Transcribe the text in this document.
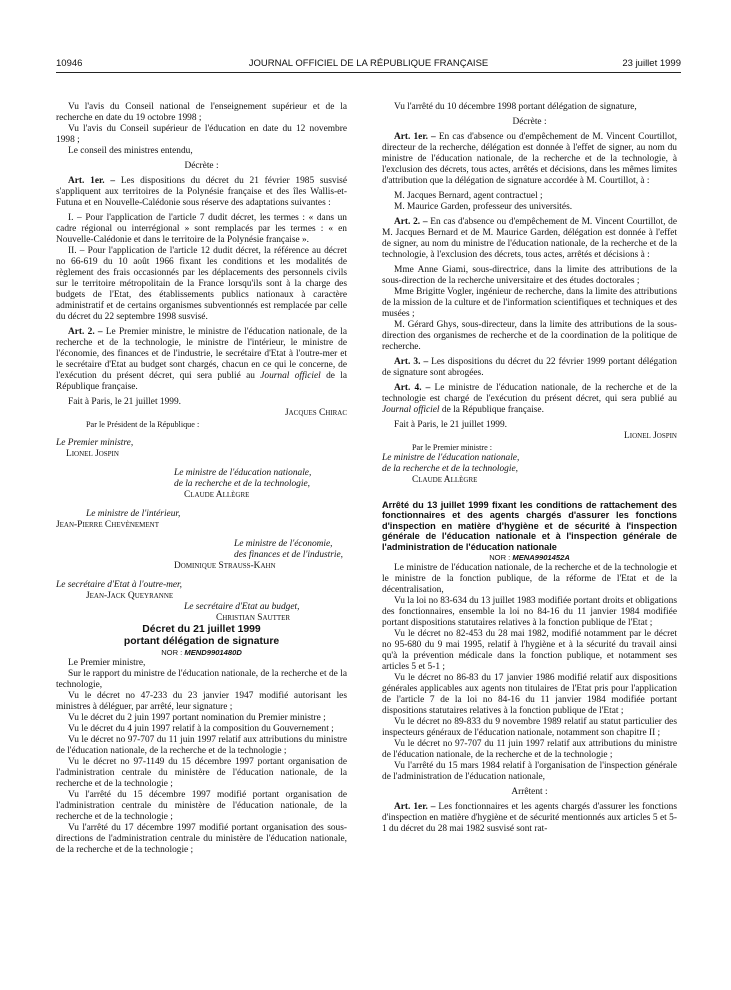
10946	JOURNAL OFFICIEL DE LA RÉPUBLIQUE FRANÇAISE	23 juillet 1999

Vu l'avis du Conseil national de l'enseignement supérieur et de la recherche en date du 19 octobre 1998 ;

Vu l'avis du Conseil supérieur de l'éducation en date du 12 novembre 1998 ;

Le conseil des ministres entendu,

Décrète :

Art. 1er. – Les dispositions du décret du 21 février 1985 susvisé s'appliquent aux territoires de la Polynésie française et des îles Wallis-et-Futuna et en Nouvelle-Calédonie sous réserve des adaptations suivantes :

I. – Pour l'application de l'article 7 dudit décret, les termes : « dans un cadre régional ou interrégional » sont remplacés par les termes : « en Nouvelle-Calédonie et dans le territoire de la Polynésie française ».

II. – Pour l'application de l'article 12 dudit décret, la référence au décret no 66-619 du 10 août 1966 fixant les conditions et les modalités de règlement des frais occasionnés par les déplacements des personnels civils sur le territoire métropolitain de la France lorsqu'ils sont à la charge des budgets de l'Etat, des établissements publics nationaux à caractère administratif et de certains organismes subventionnés est remplacée par celle du décret du 22 septembre 1998 susvisé.

Art. 2. – Le Premier ministre, le ministre de l'éducation nationale, de la recherche et de la technologie, le ministre de l'intérieur, le ministre de l'économie, des finances et de l'industrie, le secrétaire d'Etat à l'outre-mer et le secrétaire d'Etat au budget sont chargés, chacun en ce qui le concerne, de l'exécution du présent décret, qui sera publié au Journal officiel de la République française.

Fait à Paris, le 21 juillet 1999.

Jacques Chirac

Par le Président de la République :

Le Premier ministre,

Lionel Jospin

Le ministre de l'éducation nationale,

de la recherche et de la technologie,

Claude Allègre

Le ministre de l'intérieur,

Jean-Pierre Chevènement

Le ministre de l'économie,

des finances et de l'industrie,

Dominique Strauss-Kahn

Le secrétaire d'Etat à l'outre-mer,

Jean-Jack Queyranne

Le secrétaire d'Etat au budget,

Christian Sautter

Décret du 21 juillet 1999

portant délégation de signature

NOR : MEND9901480D

Le Premier ministre,

Sur le rapport du ministre de l'éducation nationale, de la recherche et de la technologie,

Vu le décret no 47-233 du 23 janvier 1947 modifié autorisant les ministres à déléguer, par arrêté, leur signature ;

Vu le décret du 2 juin 1997 portant nomination du Premier ministre ;

Vu le décret du 4 juin 1997 relatif à la composition du Gouvernement ;

Vu le décret no 97-707 du 11 juin 1997 relatif aux attributions du ministre de l'éducation nationale, de la recherche et de la technologie ;

Vu le décret no 97-1149 du 15 décembre 1997 portant organisation de l'administration centrale du ministère de l'éducation nationale, de la recherche et de la technologie ;

Vu l'arrêté du 15 décembre 1997 modifié portant organisation de l'administration centrale du ministère de l'éducation nationale, de la recherche et de la technologie ;

Vu l'arrêté du 17 décembre 1997 modifié portant organisation des sous-directions de l'administration centrale du ministère de l'éducation nationale, de la recherche et de la technologie ;

Vu l'arrêté du 10 décembre 1998 portant délégation de signature,

Décrète :

Art. 1er. – En cas d'absence ou d'empêchement de M. Vincent Courtillot, directeur de la recherche, délégation est donnée à l'effet de signer, au nom du ministre de l'éducation nationale, de la recherche et de la technologie, à l'exclusion des décrets, tous actes, arrêtés et décisions, dans les mêmes limites d'attribution que la délégation de signature accordée à M. Courtillot, à :

M. Jacques Bernard, agent contractuel ;

M. Maurice Garden, professeur des universités.

Art. 2. – En cas d'absence ou d'empêchement de M. Vincent Courtillot, de M. Jacques Bernard et de M. Maurice Garden, délégation est donnée à l'effet de signer, au nom du ministre de l'éducation nationale, de la recherche et de la technologie, à l'exclusion des décrets, tous actes, arrêtés et décisions à :

Mme Anne Giami, sous-directrice, dans la limite des attributions de la sous-direction de la recherche universitaire et des études doctorales ;

Mme Brigitte Vogler, ingénieur de recherche, dans la limite des attributions de la mission de la culture et de l'information scientifiques et techniques et des musées ;

M. Gérard Ghys, sous-directeur, dans la limite des attributions de la sous-direction des organismes de recherche et de la coordination de la politique de recherche.

Art. 3. – Les dispositions du décret du 22 février 1999 portant délégation de signature sont abrogées.

Art. 4. – Le ministre de l'éducation nationale, de la recherche et de la technologie est chargé de l'exécution du présent décret, qui sera publié au Journal officiel de la République française.

Fait à Paris, le 21 juillet 1999.

Lionel Jospin

Par le Premier ministre :

Le ministre de l'éducation nationale,

de la recherche et de la technologie,

Claude Allègre

Arrêté du 13 juillet 1999 fixant les conditions de rattachement des fonctionnaires et des agents chargés d'assurer les fonctions d'inspection en matière d'hygiène et de sécurité à l'inspection générale de l'éducation nationale et à l'inspection générale de l'administration de l'éducation nationale

NOR : MENA9901452A

Le ministre de l'éducation nationale, de la recherche et de la technologie et le ministre de la fonction publique, de la réforme de l'Etat et de la décentralisation,

Vu la loi no 83-634 du 13 juillet 1983 modifiée portant droits et obligations des fonctionnaires, ensemble la loi no 84-16 du 11 janvier 1984 modifiée portant dispositions statutaires relatives à la fonction publique de l'Etat ;

Vu le décret no 82-453 du 28 mai 1982, modifié notamment par le décret no 95-680 du 9 mai 1995, relatif à l'hygiène et à la sécurité du travail ainsi qu'à la prévention médicale dans la fonction publique, et notamment ses articles 5 et 5-1 ;

Vu le décret no 86-83 du 17 janvier 1986 modifié relatif aux dispositions générales applicables aux agents non titulaires de l'Etat pris pour l'application de l'article 7 de la loi no 84-16 du 11 janvier 1984 modifiée portant dispositions statutaires relatives à la fonction publique de l'Etat ;

Vu le décret no 89-833 du 9 novembre 1989 relatif au statut particulier des inspecteurs généraux de l'éducation nationale, notamment son chapitre II ;

Vu le décret no 97-707 du 11 juin 1997 relatif aux attributions du ministre de l'éducation nationale, de la recherche et de la technologie ;

Vu l'arrêté du 15 mars 1984 relatif à l'organisation de l'inspection générale de l'administration de l'éducation nationale,

Arrêtent :

Art. 1er. – Les fonctionnaires et les agents chargés d'assurer les fonctions d'inspection en matière d'hygiène et de sécurité mentionnés aux articles 5 et 5-1 du décret du 28 mai 1982 susvisé sont rat-
